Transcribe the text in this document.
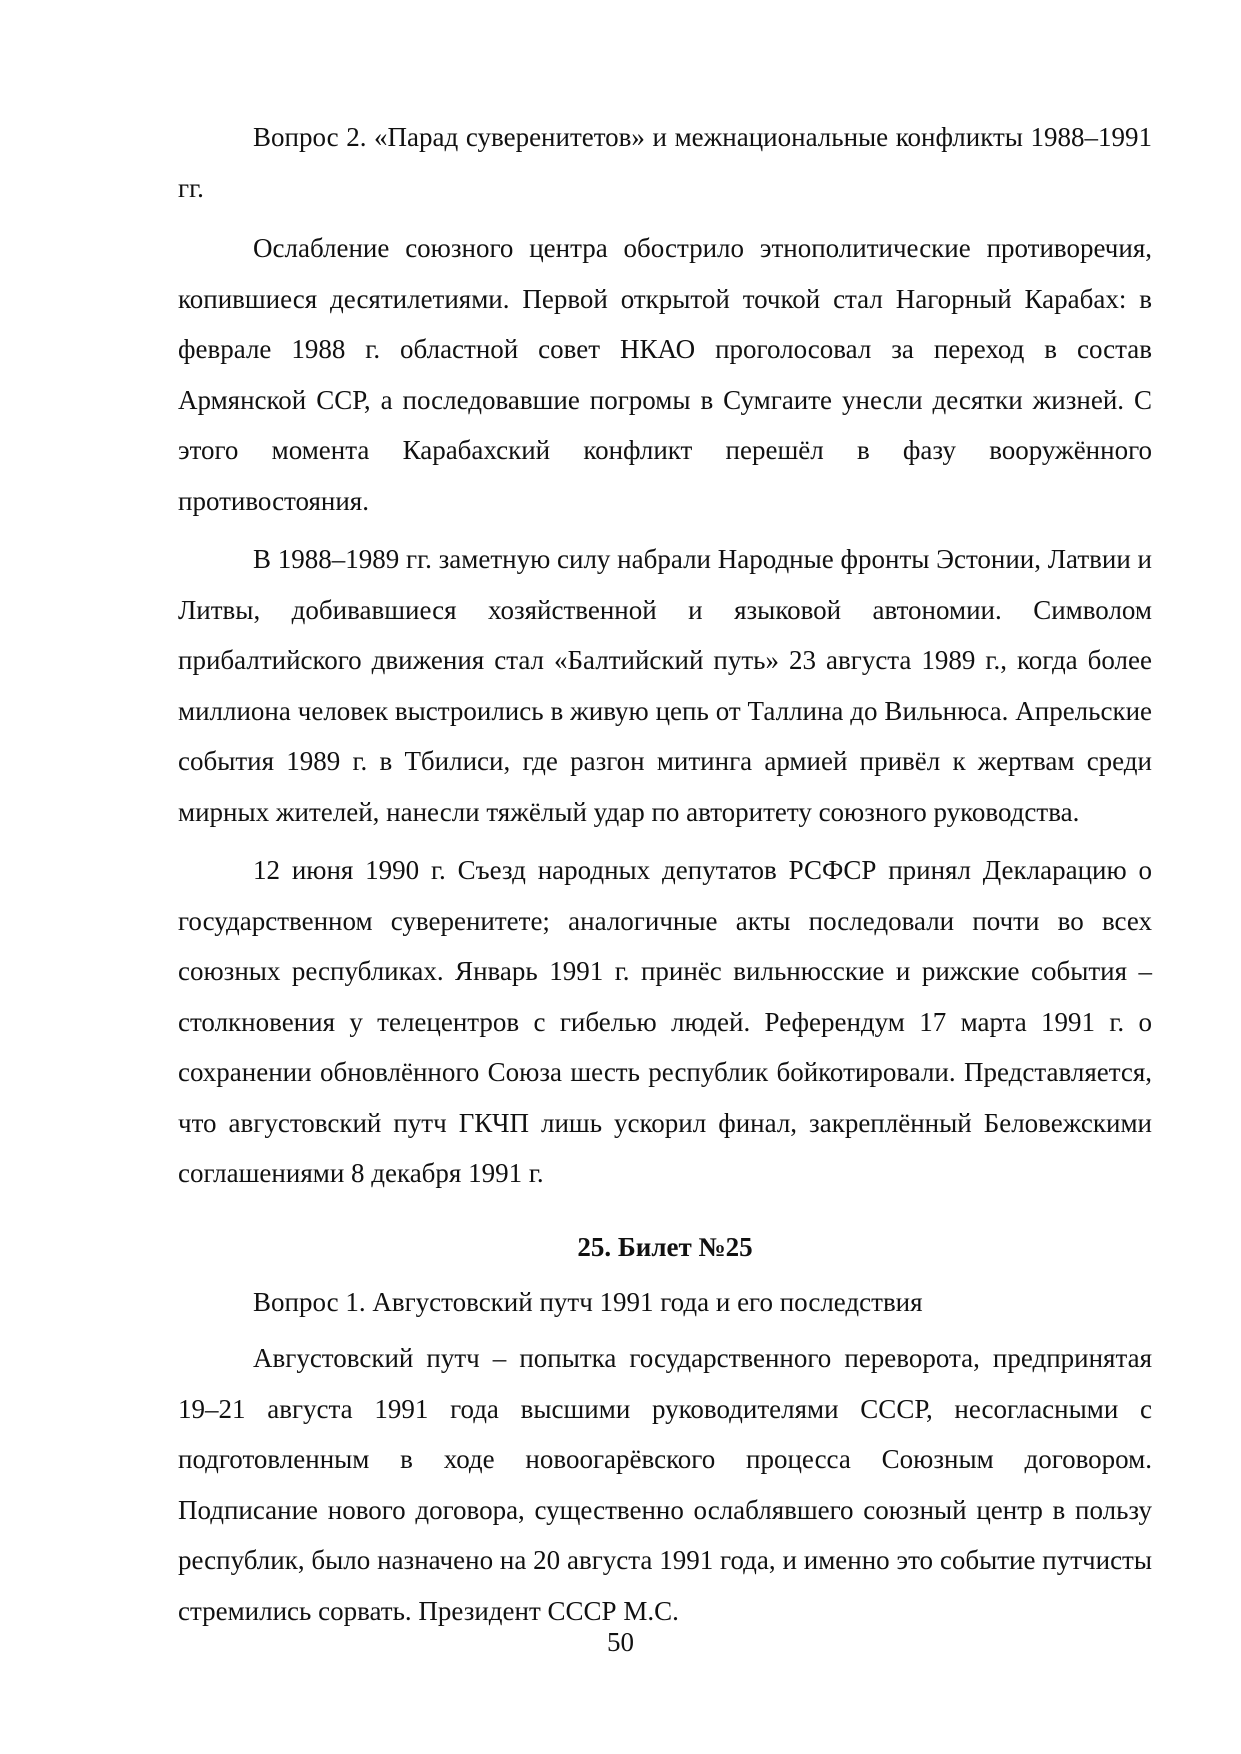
Вопрос 2. «Парад суверенитетов» и межнациональные конфликты 1988–1991 гг.

Ослабление союзного центра обострило этнополитические противоречия, копившиеся десятилетиями. Первой открытой точкой стал Нагорный Карабах: в феврале 1988 г. областной совет НКАО проголосовал за переход в состав Армянской ССР, а последовавшие погромы в Сумгаите унесли десятки жизней. С этого момента Карабахский конфликт перешёл в фазу вооружённого противостояния.

В 1988–1989 гг. заметную силу набрали Народные фронты Эстонии, Латвии и Литвы, добивавшиеся хозяйственной и языковой автономии. Символом прибалтийского движения стал «Балтийский путь» 23 августа 1989 г., когда более миллиона человек выстроились в живую цепь от Таллина до Вильнюса. Апрельские события 1989 г. в Тбилиси, где разгон митинга армией привёл к жертвам среди мирных жителей, нанесли тяжёлый удар по авторитету союзного руководства.

12 июня 1990 г. Съезд народных депутатов РСФСР принял Декларацию о государственном суверенитете; аналогичные акты последовали почти во всех союзных республиках. Январь 1991 г. принёс вильнюсские и рижские события – столкновения у телецентров с гибелью людей. Референдум 17 марта 1991 г. о сохранении обновлённого Союза шесть республик бойкотировали. Представляется, что августовский путч ГКЧП лишь ускорил финал, закреплённый Беловежскими соглашениями 8 декабря 1991 г.

25. Билет №25

Вопрос 1. Августовский путч 1991 года и его последствия

Августовский путч – попытка государственного переворота, предпринятая 19–21 августа 1991 года высшими руководителями СССР, несогласными с подготовленным в ходе новоогарёвского процесса Союзным договором. Подписание нового договора, существенно ослаблявшего союзный центр в пользу республик, было назначено на 20 августа 1991 года, и именно это событие путчисты стремились сорвать. Президент СССР М.С.

50
